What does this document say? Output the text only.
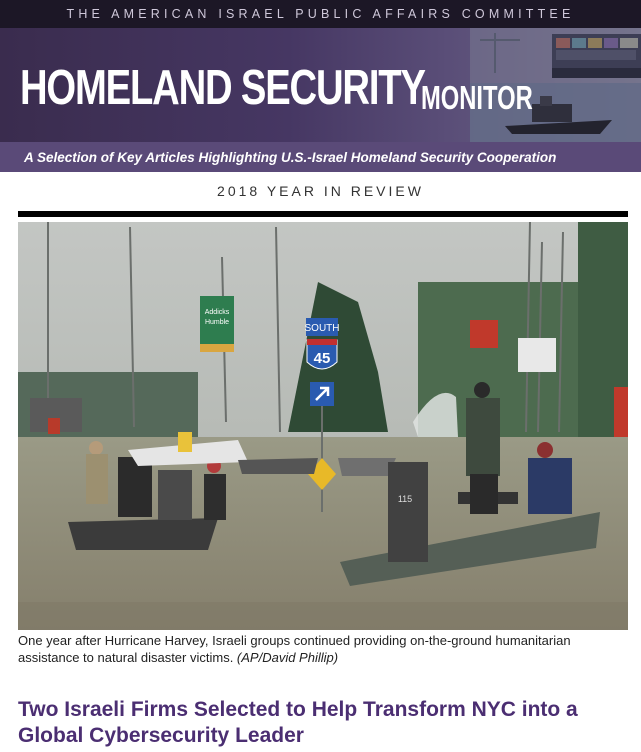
THE AMERICAN ISRAEL PUBLIC AFFAIRS COMMITTEE
HOMELAND SECURITY
MONITOR
A Selection of Key Articles Highlighting U.S.-Israel Homeland Security Cooperation
2018 YEAR IN REVIEW
Addicks
Humble
SOUTH
45
115

One year after Hurricane Harvey, Israeli groups continued providing on-the-ground humanitarian assistance to natural disaster victims. (AP/David Phillip)

Two Israeli Firms Selected to Help Transform NYC into a Global Cybersecurity Leader
